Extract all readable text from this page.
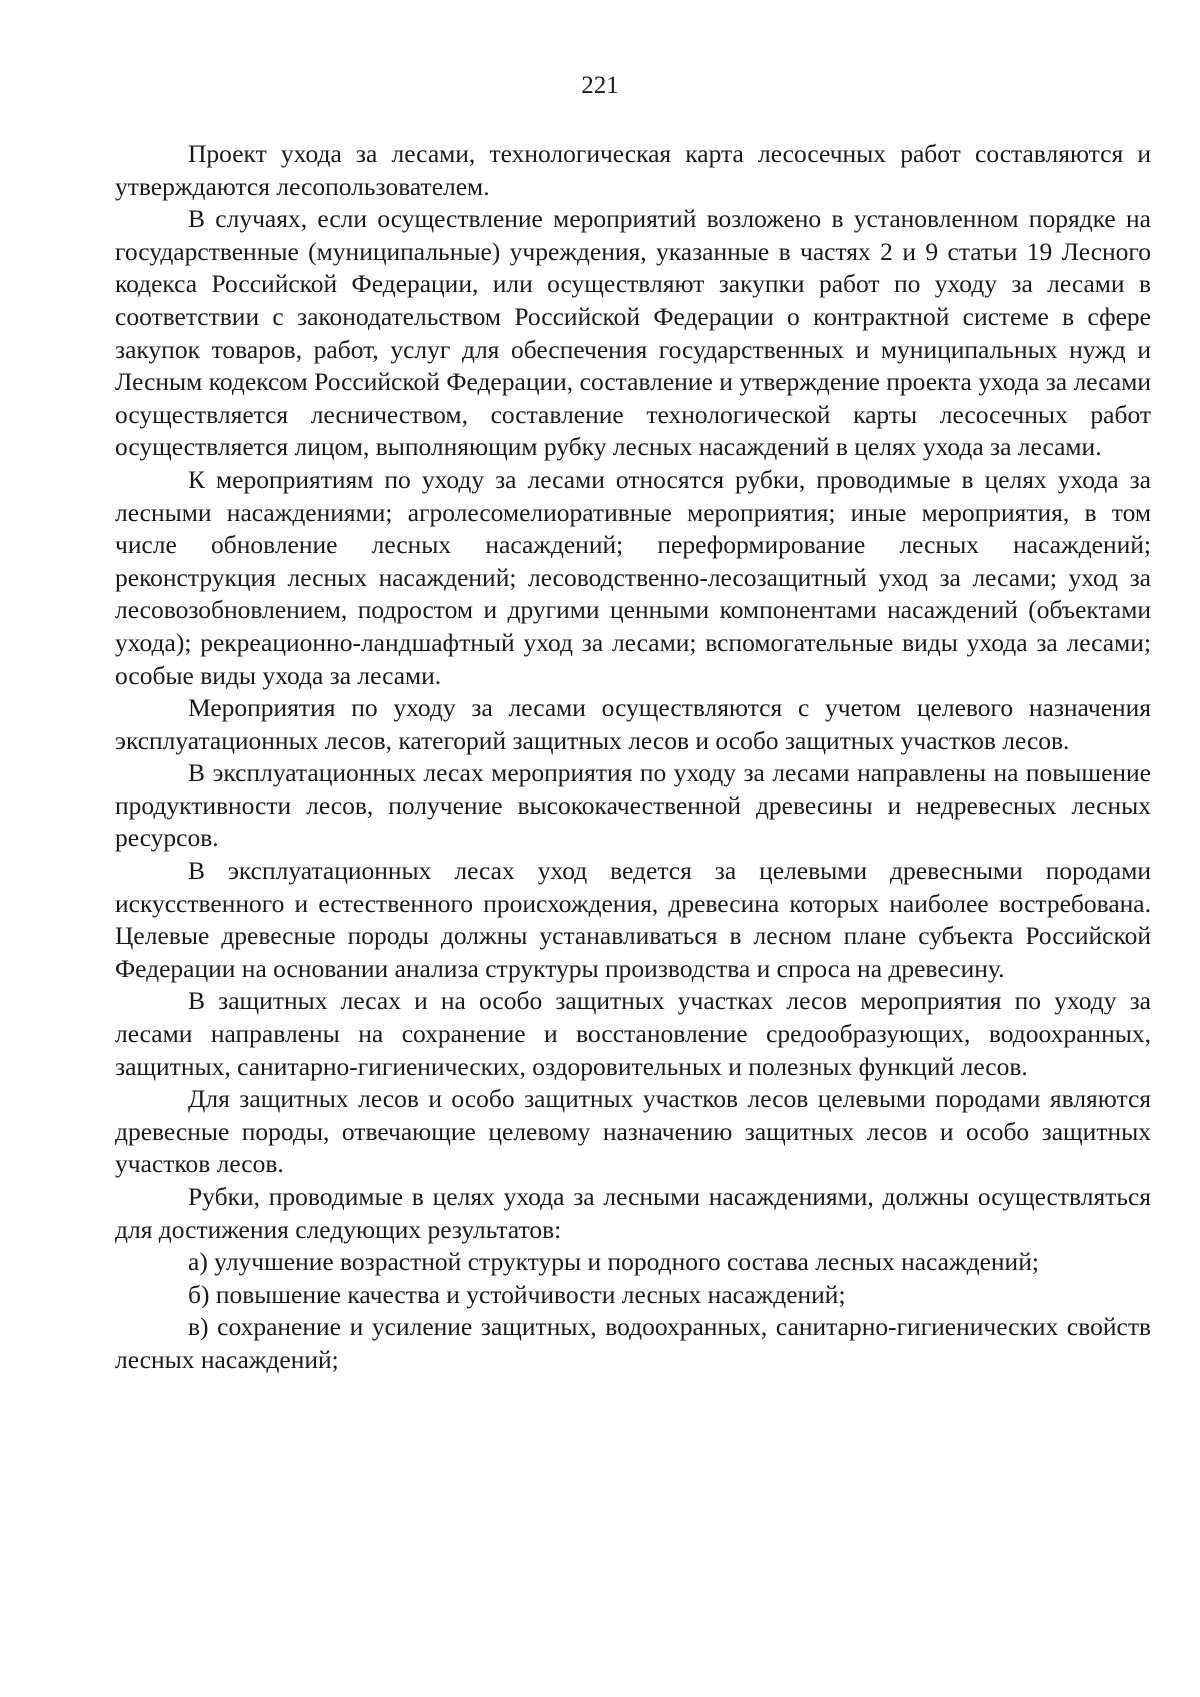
221

Проект ухода за лесами, технологическая карта лесосечных работ составляются и утверждаются лесопользователем.

В случаях, если осуществление мероприятий возложено в установленном порядке на государственные (муниципальные) учреждения, указанные в частях 2 и 9 статьи 19 Лесного кодекса Российской Федерации, или осуществляют закупки работ по уходу за лесами в соответствии с законодательством Российской Федерации о контрактной системе в сфере закупок товаров, работ, услуг для обеспечения государственных и муниципальных нужд и Лесным кодексом Российской Федерации, составление и утверждение проекта ухода за лесами осуществляется лесничеством, составление технологической карты лесосечных работ осуществляется лицом, выполняющим рубку лесных насаждений в целях ухода за лесами.

К мероприятиям по уходу за лесами относятся рубки, проводимые в целях ухода за лесными насаждениями; агролесомелиоративные мероприятия; иные мероприятия, в том числе обновление лесных насаждений; переформирование лесных насаждений; реконструкция лесных насаждений; лесоводственно-лесозащитный уход за лесами; уход за лесовозобновлением, подростом и другими ценными компонентами насаждений (объектами ухода); рекреационно-ландшафтный уход за лесами; вспомогательные виды ухода за лесами; особые виды ухода за лесами.

Мероприятия по уходу за лесами осуществляются с учетом целевого назначения эксплуатационных лесов, категорий защитных лесов и особо защитных участков лесов.

В эксплуатационных лесах мероприятия по уходу за лесами направлены на повышение продуктивности лесов, получение высококачественной древесины и недревесных лесных ресурсов.

В эксплуатационных лесах уход ведется за целевыми древесными породами искусственного и естественного происхождения, древесина которых наиболее востребована. Целевые древесные породы должны устанавливаться в лесном плане субъекта Российской Федерации на основании анализа структуры производства и спроса на древесину.

В защитных лесах и на особо защитных участках лесов мероприятия по уходу за лесами направлены на сохранение и восстановление средообразующих, водоохранных, защитных, санитарно-гигиенических, оздоровительных и полезных функций лесов.

Для защитных лесов и особо защитных участков лесов целевыми породами являются древесные породы, отвечающие целевому назначению защитных лесов и особо защитных участков лесов.

Рубки, проводимые в целях ухода за лесными насаждениями, должны осуществляться для достижения следующих результатов:

а) улучшение возрастной структуры и породного состава лесных насаждений;

б) повышение качества и устойчивости лесных насаждений;

в) сохранение и усиление защитных, водоохранных, санитарно-гигиенических свойств лесных насаждений;
